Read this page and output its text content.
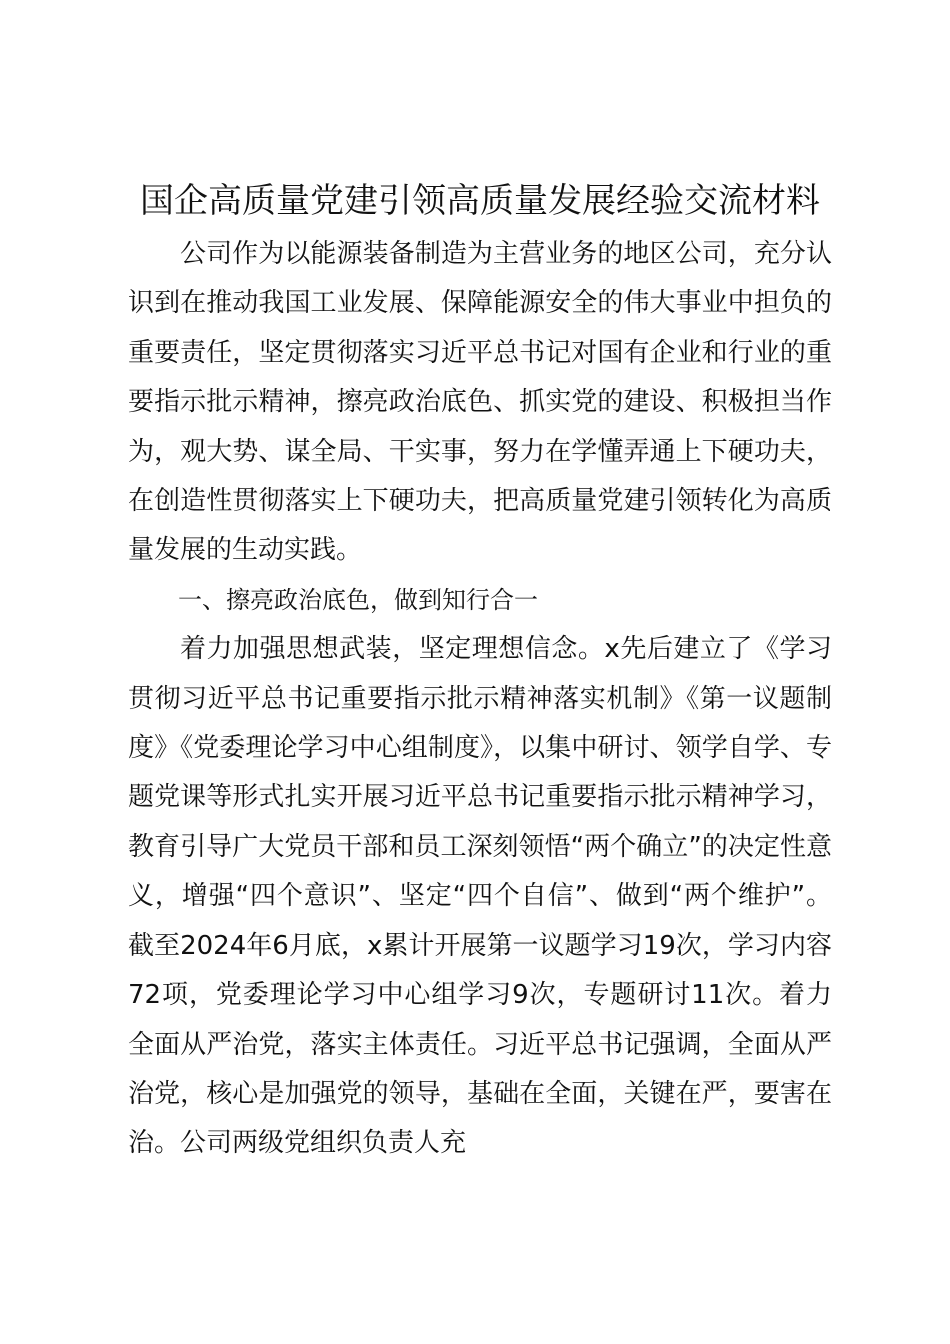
国企高质量党建引领高质量发展经验交流材料

公司作为以能源装备制造为主营业务的地区公司，充分认识到在推动我国工业发展、保障能源安全的伟大事业中担负的重要责任，坚定贯彻落实习近平总书记对国有企业和行业的重要指示批示精神，擦亮政治底色、抓实党的建设、积极担当作为，观大势、谋全局、干实事，努力在学懂弄通上下硬功夫，在创造性贯彻落实上下硬功夫，把高质量党建引领转化为高质量发展的生动实践。

一、擦亮政治底色，做到知行合一

着力加强思想武装，坚定理想信念。x先后建立了《学习贯彻习近平总书记重要指示批示精神落实机制》《第一议题制度》《党委理论学习中心组制度》，以集中研讨、领学自学、专题党课等形式扎实开展习近平总书记重要指示批示精神学习，教育引导广大党员干部和员工深刻领悟“两个确立”的决定性意义，增强“四个意识”、坚定“四个自信”、做到“两个维护”。截至2024年6月底，x累计开展第一议题学习19次，学习内容72项，党委理论学习中心组学习9次，专题研讨11次。着力全面从严治党，落实主体责任。习近平总书记强调，全面从严治党，核心是加强党的领导，基础在全面，关键在严，要害在治。公司两级党组织负责人充
